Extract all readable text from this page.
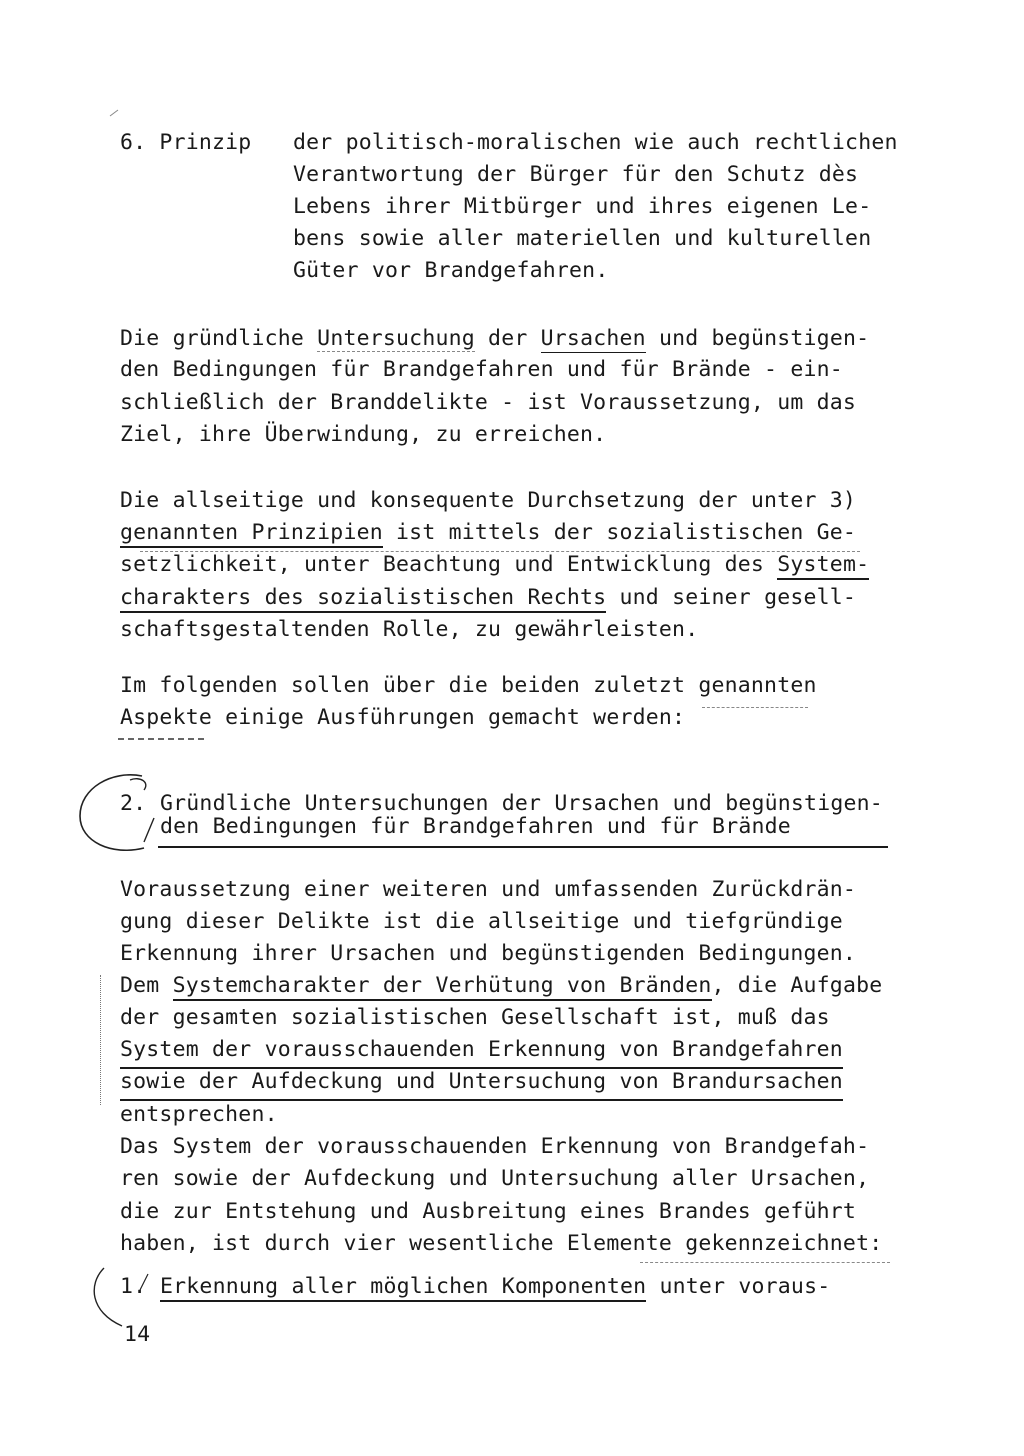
6. Prinzip der politisch-moralischen wie auch rechtlichen
Verantwortung der Bürger für den Schutz dès
Lebens ihrer Mitbürger und ihres eigenen Le-
bens sowie aller materiellen und kulturellen
Güter vor Brandgefahren.
Die gründliche Untersuchung der Ursachen und begünstigen-
den Bedingungen für Brandgefahren und für Brände - ein-
schließlich der Branddelikte - ist Voraussetzung, um das
Ziel, ihre Überwindung, zu erreichen.
Die allseitige und konsequente Durchsetzung der unter 3)
genannten Prinzipien ist mittels der sozialistischen Ge-
setzlichkeit, unter Beachtung und Entwicklung des System-
charakters des sozialistischen Rechts und seiner gesell-
schaftsgestaltenden Rolle, zu gewährleisten.
Im folgenden sollen über die beiden zuletzt genannten
Aspekte einige Ausführungen gemacht werden:
2. Gründliche Untersuchungen der Ursachen und begünstigen-
den Bedingungen für Brandgefahren und für Brände
Voraussetzung einer weiteren und umfassenden Zurückdrän-
gung dieser Delikte ist die allseitige und tiefgründige
Erkennung ihrer Ursachen und begünstigenden Bedingungen.
Dem Systemcharakter der Verhütung von Bränden, die Aufgabe
der gesamten sozialistischen Gesellschaft ist, muß das
System der vorausschauenden Erkennung von Brandgefahren
sowie der Aufdeckung und Untersuchung von Brandursachen
entsprechen.
Das System der vorausschauenden Erkennung von Brandgefah-
ren sowie der Aufdeckung und Untersuchung aller Ursachen,
die zur Entstehung und Ausbreitung eines Brandes geführt
haben, ist durch vier wesentliche Elemente gekennzeichnet:
1. Erkennung aller möglichen Komponenten unter voraus-
14
